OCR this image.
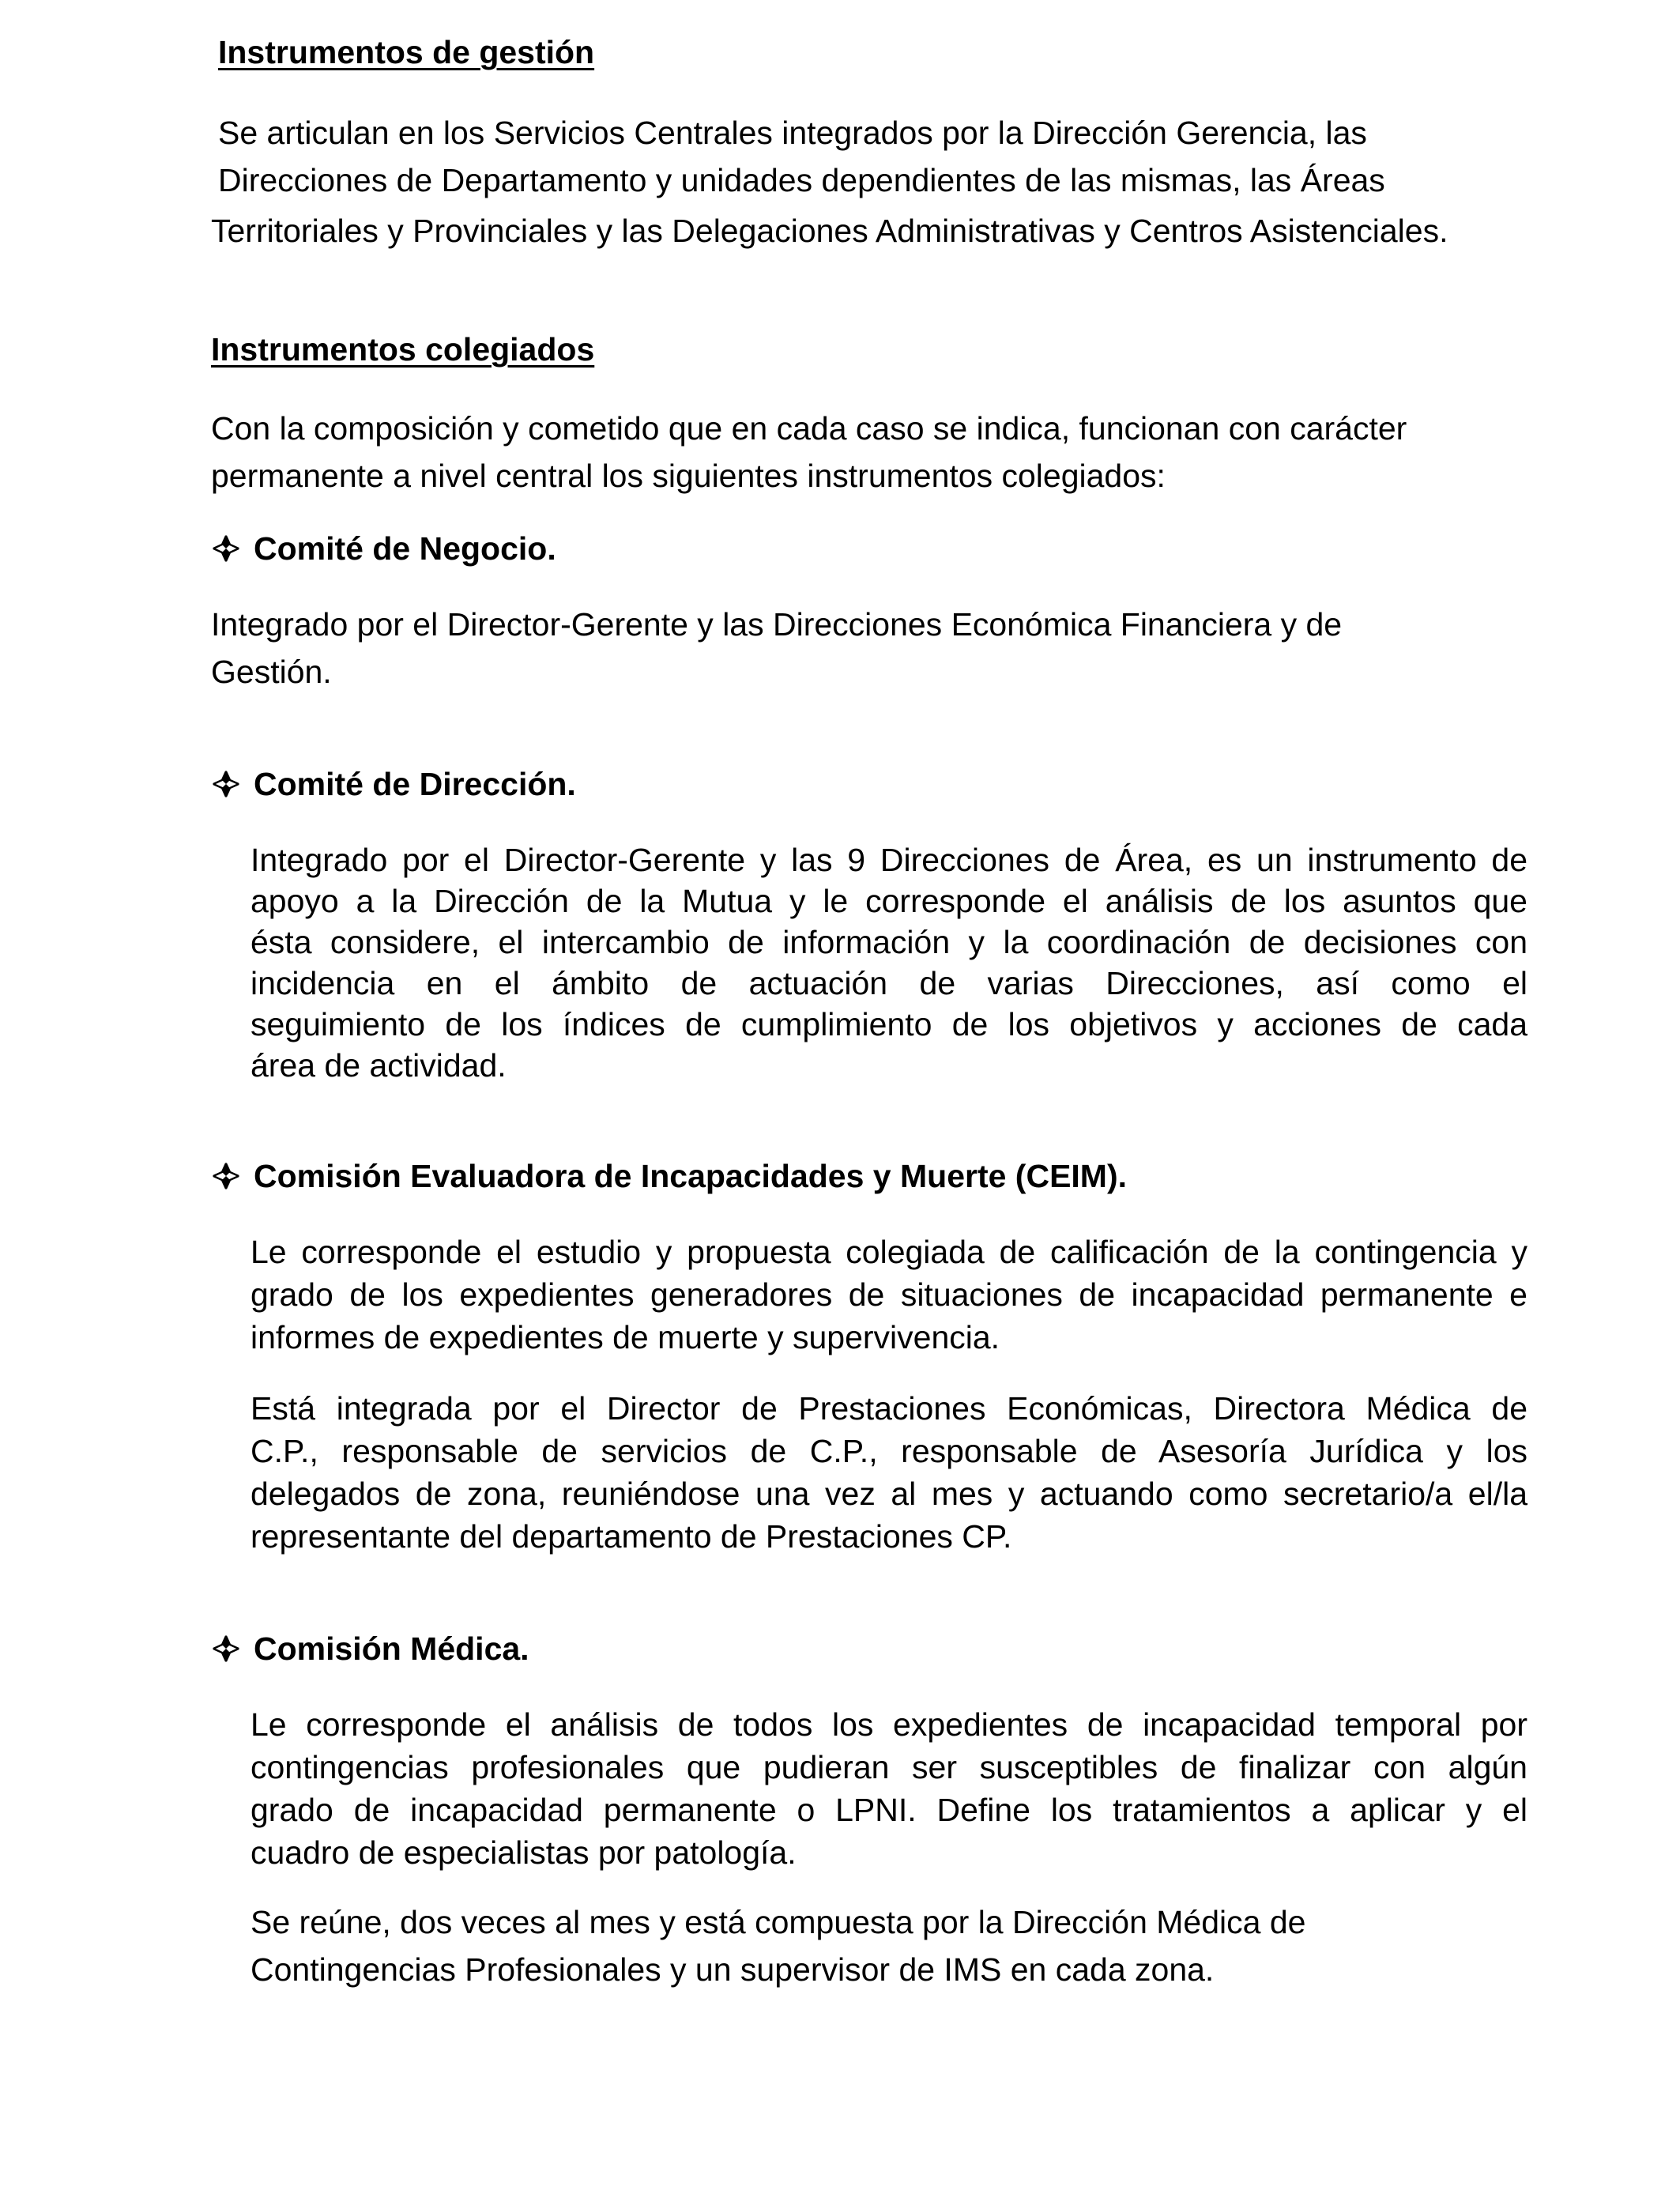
Instrumentos de gestión
Se articulan en los Servicios Centrales integrados por la Dirección Gerencia, las
Direcciones de Departamento y unidades dependientes de las mismas, las Áreas
Territoriales y Provinciales y las Delegaciones Administrativas y Centros Asistenciales.
Instrumentos colegiados
Con la composición y cometido que en cada caso se indica, funcionan con carácter
permanente a nivel central los siguientes instrumentos colegiados:
Comité de Negocio.
Integrado por el Director-Gerente y las Direcciones Económica Financiera y de
Gestión.
Comité de Dirección.
Integrado por el Director-Gerente y las 9 Direcciones de Área, es un instrumento de
apoyo a la Dirección de la Mutua y le corresponde el análisis de los asuntos que
ésta considere, el intercambio de información y la coordinación de decisiones con
incidencia en el ámbito de actuación de varias Direcciones, así como el
seguimiento de los índices de cumplimiento de los objetivos y acciones de cada
área de actividad.
Comisión Evaluadora de Incapacidades y Muerte (CEIM).
Le corresponde el estudio y propuesta colegiada de calificación de la contingencia y
grado de los expedientes generadores de situaciones de incapacidad permanente e
informes de expedientes de muerte y supervivencia.
Está integrada por el Director de Prestaciones Económicas, Directora Médica de
C.P., responsable de servicios de C.P., responsable de Asesoría Jurídica y los
delegados de zona, reuniéndose una vez al mes y actuando como secretario/a el/la
representante del departamento de Prestaciones CP.
Comisión Médica.
Le corresponde el análisis de todos los expedientes de incapacidad temporal por
contingencias profesionales que pudieran ser susceptibles de finalizar con algún
grado de incapacidad permanente o LPNI. Define los tratamientos a aplicar y el
cuadro de especialistas por patología.
Se reúne, dos veces al mes y está compuesta por la Dirección Médica de
Contingencias Profesionales y un supervisor de IMS en cada zona.
